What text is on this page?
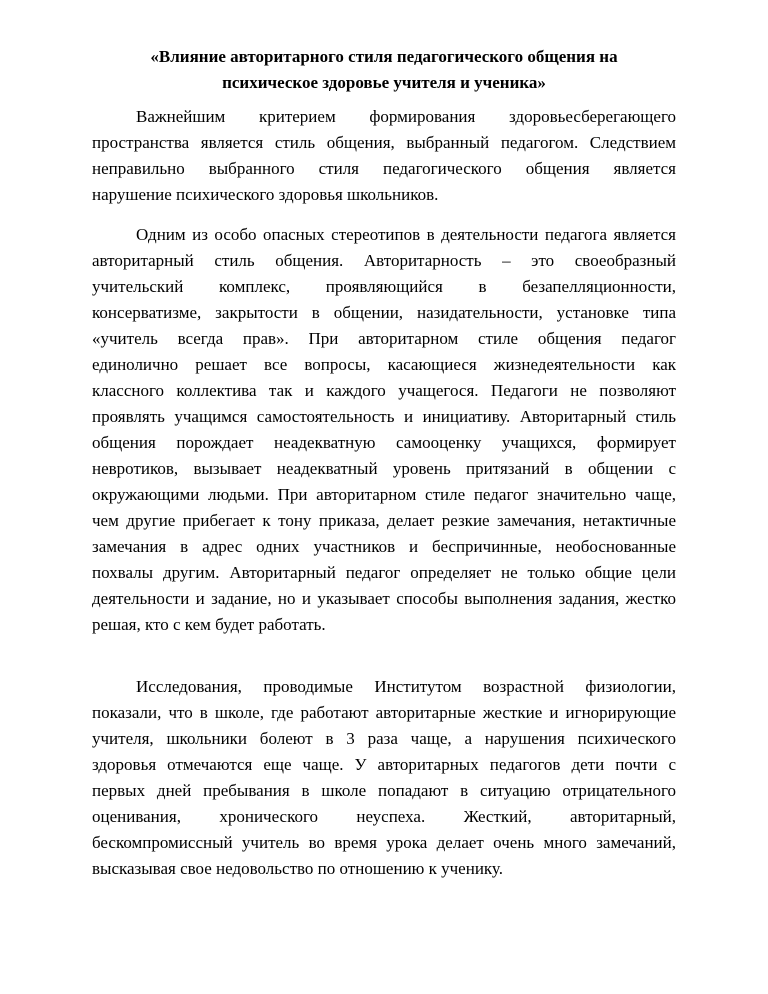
«Влияние авторитарного стиля педагогического общения на
психическое здоровье учителя и ученика»
Важнейшим критерием формирования здоровьесберегающего
пространства является стиль общения, выбранный педагогом. Следствием
неправильно выбранного стиля педагогического общения является
нарушение психического здоровья школьников.
Одним из особо опасных стереотипов в деятельности педагога является
авторитарный стиль общения. Авторитарность – это своеобразный
учительский комплекс, проявляющийся в безапелляционности,
консерватизме, закрытости в общении, назидательности, установке типа
«учитель всегда прав». При авторитарном стиле общения педагог
единолично решает все вопросы, касающиеся жизнедеятельности как
классного коллектива так и каждого учащегося. Педагоги не позволяют
проявлять учащимся самостоятельность и инициативу. Авторитарный стиль
общения порождает неадекватную самооценку учащихся, формирует
невротиков, вызывает неадекватный уровень притязаний в общении с
окружающими людьми. При авторитарном стиле педагог значительно чаще,
чем другие прибегает к тону приказа, делает резкие замечания, нетактичные
замечания в адрес одних участников и беспричинные, необоснованные
похвалы другим. Авторитарный педагог определяет не только общие цели
деятельности и задание, но и указывает способы выполнения задания, жестко
решая, кто с кем будет работать.
Исследования, проводимые Институтом возрастной физиологии,
показали, что в школе, где работают авторитарные жесткие и игнорирующие
учителя, школьники болеют в 3 раза чаще, а нарушения психического
здоровья отмечаются еще чаще. У авторитарных педагогов дети почти с
первых дней пребывания в школе попадают в ситуацию отрицательного
оценивания, хронического неуспеха. Жесткий, авторитарный,
бескомпромиссный учитель во время урока делает очень много замечаний,
высказывая свое недовольство по отношению к ученику.
